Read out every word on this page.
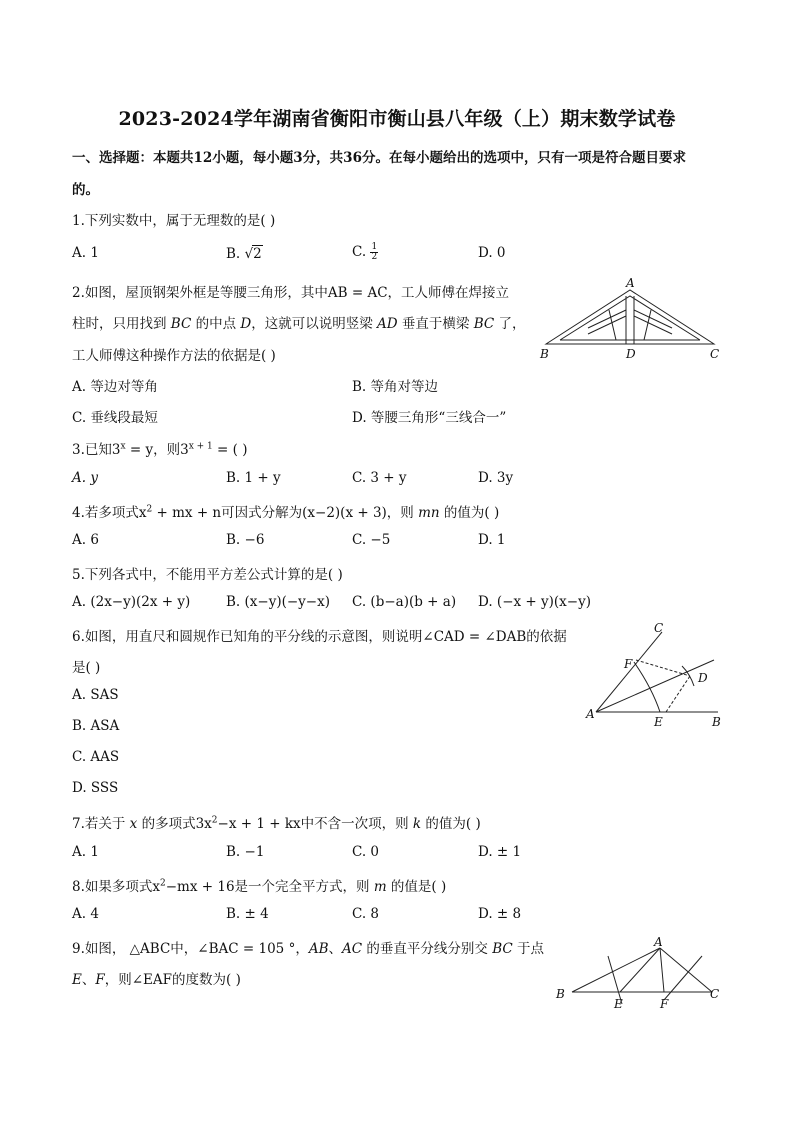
2023-2024学年湖南省衡阳市衡山县八年级（上）期末数学试卷
一、选择题：本题共12小题，每小题3分，共36分。在每小题给出的选项中，只有一项是符合题目要求
的。
1.下列实数中，属于无理数的是( )
A. 1	B. √2	C. $\frac{1}{2}$	D. 0
2.如图，屋顶钢架外框是等腰三角形，其中AB = AC，工人师傅在焊接立
柱时，只用找到 BC 的中点 D，这就可以说明竖梁 AD 垂直于横梁 BC 了，
工人师傅这种操作方法的依据是( )
A. 等边对等角	B. 等角对等边
C. 垂线段最短	D. 等腰三角形“三线合一”
A
B	D	C
3.已知$3^x = y$，则$3^{x + 1}$ = ( )
A. y	B. 1 + y	C. 3 + y	D. 3y
4.若多项式$x^2$ + mx + n可因式分解为(x−2)(x + 3)，则 mn 的值为( )
A. 6	B. −6	C. −5	D. 1
5.下列各式中，不能用平方差公式计算的是( )
A. (2x−y)(2x + y)	B. (x−y)(−y−x) C. (b−a)(b + a) D. (−x + y)(x−y)
6.如图，用直尺和圆规作已知角的平分线的示意图，则说明∠CAD = ∠DAB的依据
是( )
A. SAS
B. ASA
C. AAS
D. SSS
C
F
D
A
E	B
7.若关于 x 的多项式$3x^2-x + 1$ + kx中不含一次项，则 k 的值为( )
A. 1	B. −1	C. 0	D. ± 1
8.如果多项式$x^2-mx + 16$是一个完全平方式，则 m 的值是( )
A. 4	B. ± 4	C. 8	D. ± 8
9.如图， △ABC中，∠BAC = 105 °，AB、AC 的垂直平分线分别交 BC 于点
E、F，则∠EAF的度数为( )
A
B
E	F
C
